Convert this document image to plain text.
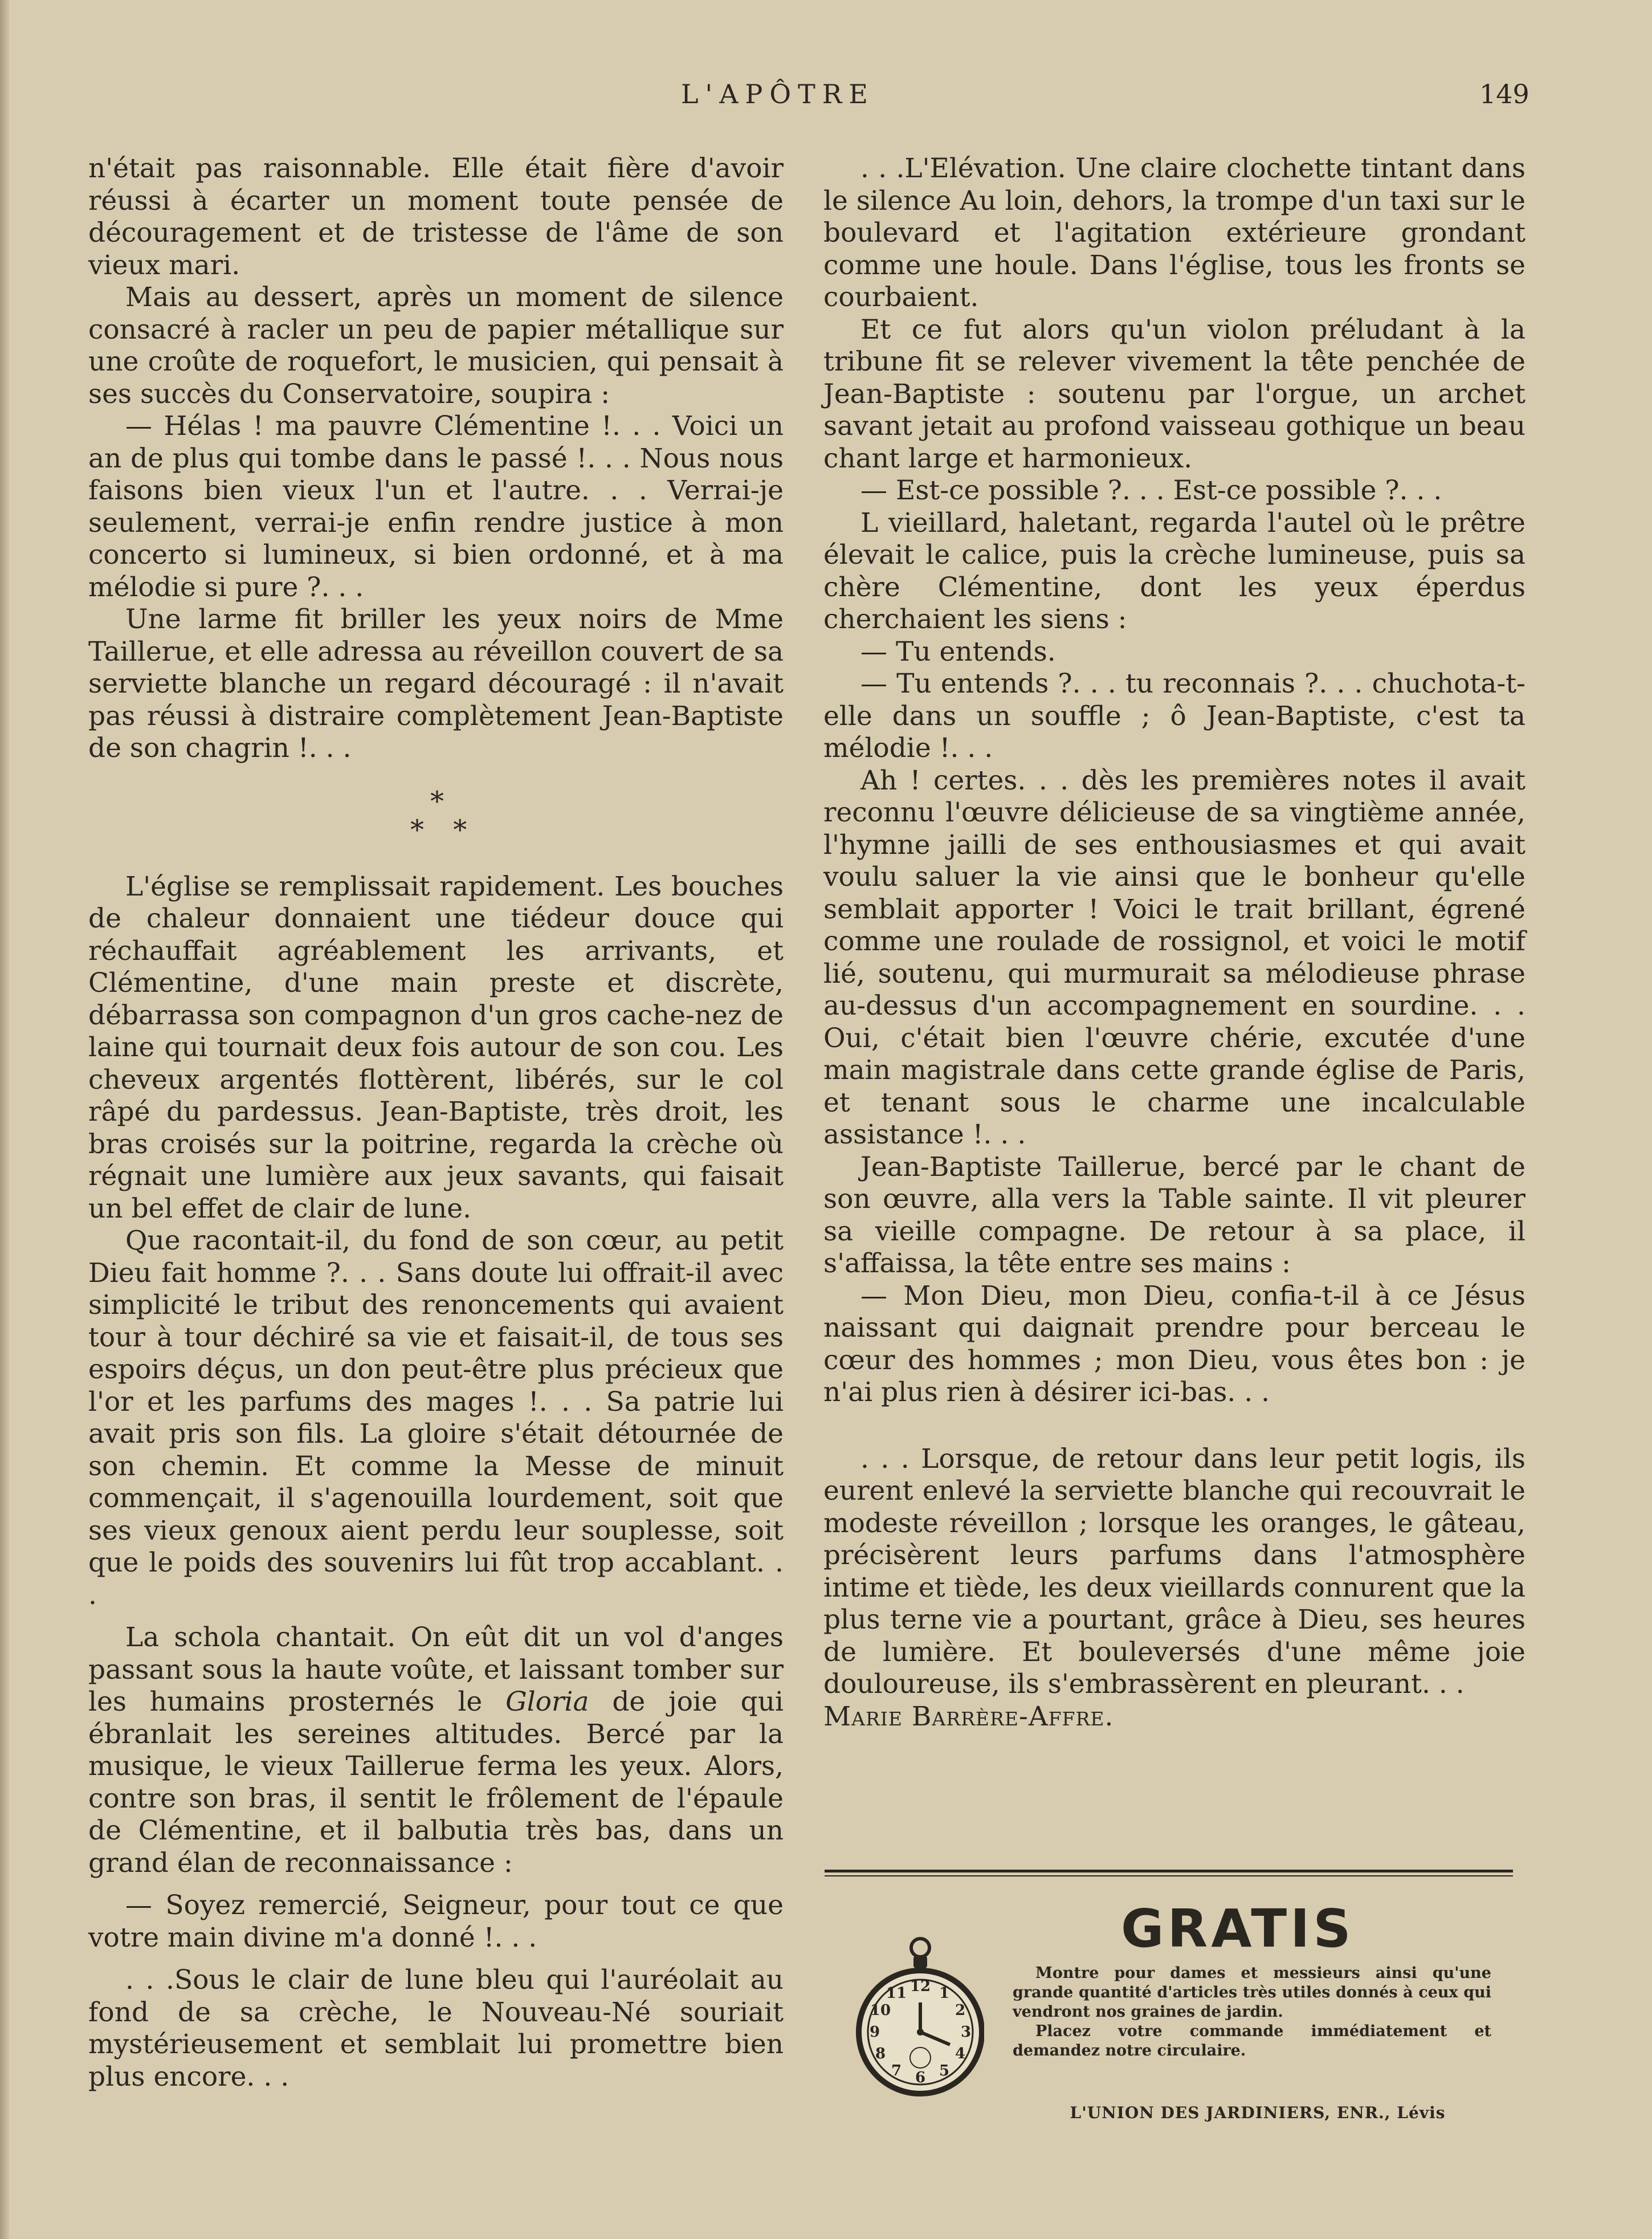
L'APÔTRE	149

n'était pas raisonnable. Elle était fière d'avoir réussi à écarter un moment toute pensée de découragement et de tristesse de l'âme de son vieux mari.

Mais au dessert, après un moment de silence consacré à racler un peu de papier métallique sur une croûte de roquefort, le musicien, qui pensait à ses succès du Conservatoire, soupira :

— Hélas ! ma pauvre Clémentine !. . . Voici un an de plus qui tombe dans le passé !. . . Nous nous faisons bien vieux l'un et l'autre. . . Verrai-je seulement, verrai-je enfin rendre justice à mon concerto si lumineux, si bien ordonné, et à ma mélodie si pure ?. . .

Une larme fit briller les yeux noirs de Mme Taillerue, et elle adressa au réveillon couvert de sa serviette blanche un regard découragé : il n'avait pas réussi à distraire complètement Jean-Baptiste de son chagrin !. . .

*
* *

L'église se remplissait rapidement. Les bouches de chaleur donnaient une tiédeur douce qui réchauffait agréablement les arrivants, et Clémentine, d'une main preste et discrète, débarrassa son compagnon d'un gros cache-nez de laine qui tournait deux fois autour de son cou. Les cheveux argentés flottèrent, libérés, sur le col râpé du pardessus. Jean-Baptiste, très droit, les bras croisés sur la poitrine, regarda la crèche où régnait une lumière aux jeux savants, qui faisait un bel effet de clair de lune.

Que racontait-il, du fond de son cœur, au petit Dieu fait homme ?. . . Sans doute lui offrait-il avec simplicité le tribut des renoncements qui avaient tour à tour déchiré sa vie et faisait-il, de tous ses espoirs déçus, un don peut-être plus précieux que l'or et les parfums des mages !. . . Sa patrie lui avait pris son fils. La gloire s'était détournée de son chemin. Et comme la Messe de minuit commençait, il s'agenouilla lourdement, soit que ses vieux genoux aient perdu leur souplesse, soit que le poids des souvenirs lui fût trop accablant. . .

La schola chantait. On eût dit un vol d'anges passant sous la haute voûte, et laissant tomber sur les humains prosternés le Gloria de joie qui ébranlait les sereines altitudes. Bercé par la musique, le vieux Taillerue ferma les yeux. Alors, contre son bras, il sentit le frôlement de l'épaule de Clémentine, et il balbutia très bas, dans un grand élan de reconnaissance :

— Soyez remercié, Seigneur, pour tout ce que votre main divine m'a donné !. . .

. . .Sous le clair de lune bleu qui l'auréolait au fond de sa crèche, le Nouveau-Né souriait mystérieusement et semblait lui promettre bien plus encore. . .

. . .L'Elévation. Une claire clochette tintant dans le silence Au loin, dehors, la trompe d'un taxi sur le boulevard et l'agitation extérieure grondant comme une houle. Dans l'église, tous les fronts se courbaient.

Et ce fut alors qu'un violon préludant à la tribune fit se relever vivement la tête penchée de Jean-Baptiste : soutenu par l'orgue, un archet savant jetait au profond vaisseau gothique un beau chant large et harmonieux.

— Est-ce possible ?. . . Est-ce possible ?. . .

L vieillard, haletant, regarda l'autel où le prêtre élevait le calice, puis la crèche lumineuse, puis sa chère Clémentine, dont les yeux éperdus cherchaient les siens :

— Tu entends.

— Tu entends ?. . . tu reconnais ?. . . chuchota-t-elle dans un souffle ; ô Jean-Baptiste, c'est ta mélodie !. . .

Ah ! certes. . . dès les premières notes il avait reconnu l'œuvre délicieuse de sa vingtième année, l'hymne jailli de ses enthousiasmes et qui avait voulu saluer la vie ainsi que le bonheur qu'elle semblait apporter ! Voici le trait brillant, égrené comme une roulade de rossignol, et voici le motif lié, soutenu, qui murmurait sa mélodieuse phrase au-dessus d'un accompagnement en sourdine. . . Oui, c'était bien l'œuvre chérie, excutée d'une main magistrale dans cette grande église de Paris, et tenant sous le charme une incalculable assistance !. . .

Jean-Baptiste Taillerue, bercé par le chant de son œuvre, alla vers la Table sainte. Il vit pleurer sa vieille compagne. De retour à sa place, il s'affaissa, la tête entre ses mains :

— Mon Dieu, mon Dieu, confia-t-il à ce Jésus naissant qui daignait prendre pour berceau le cœur des hommes ; mon Dieu, vous êtes bon : je n'ai plus rien à désirer ici-bas. . .

. . . Lorsque, de retour dans leur petit logis, ils eurent enlevé la serviette blanche qui recouvrait le modeste réveillon ; lorsque les oranges, le gâteau, précisèrent leurs parfums dans l'atmosphère intime et tiède, les deux vieillards connurent que la plus terne vie a pourtant, grâce à Dieu, ses heures de lumière. Et bouleversés d'une même joie douloureuse, ils s'embrassèrent en pleurant. . .

Marie Barrère-Affre.

GRATIS
12 1
2
3
4
5
6
7
8
9
10
11

Montre pour dames et messieurs ainsi qu'une grande quantité d'articles très utiles donnés à ceux qui vendront nos graines de jardin.

Placez votre commande immédiatement et demandez notre circulaire.

L'UNION DES JARDINIERS, ENR., Lévis
